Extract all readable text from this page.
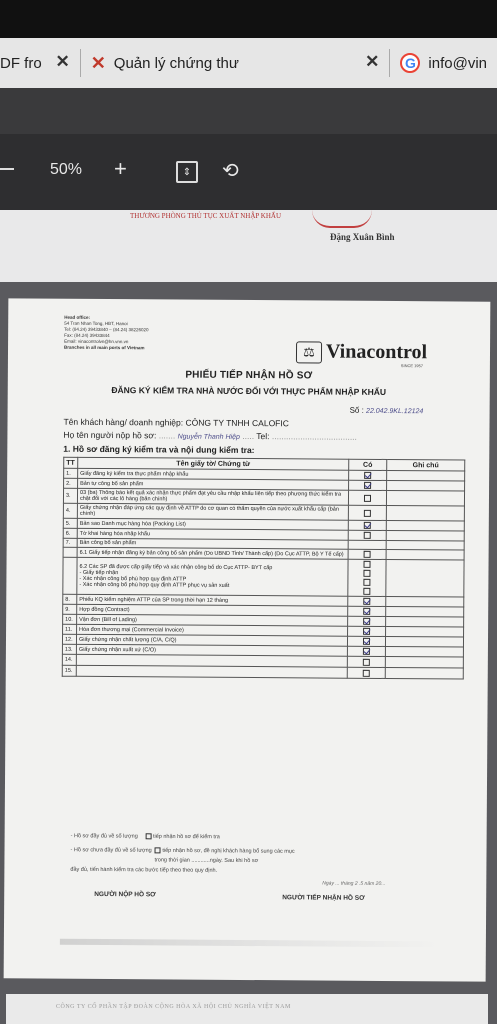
DF fro ✕ ✕ Quản lý chứng thư	✕	G info@vin
50% +	⇕	⟲
THƯƠNG PHÒNG THỦ TỤC XUẤT NHẬP KHẨU
Đặng Xuân Bình
Head office:
54 Tran Nhan Tong, HBT, Hanoi
Tel: (84.24) 39433840 – (84.24) 38226020
Fax: (84.24) 39433844
Email: vinacontrolvn@hn.vnn.vn
Branches in all main ports of Vietnam	⚖ Vinacontrol
SINCE 1957
PHIẾU TIẾP NHẬN HỒ SƠ
ĐĂNG KÝ KIỂM TRA NHÀ NƯỚC ĐỐI VỚI THỰC PHẨM NHẬP KHẨU
Số : 22.042.9KL.12124
Tên khách hàng/ doanh nghiệp: CÔNG TY TNHH CALOFIC
Họ tên người nộp hồ sơ: ....... Nguyễn Thanh Hiệp ..... Tel: ....................................
1. Hồ sơ đăng ký kiểm tra và nội dung kiểm tra:
TT	Tên giấy tờ/ Chứng từ	Có	Ghi chú
1.	Giấy đăng ký kiểm tra thực phẩm nhập khẩu		
2.	Bản tự công bố sản phẩm		
3.	03 (ba) Thông báo kết quả xác nhận thực phẩm đạt yêu cầu nhập khẩu liên tiếp theo phương thức kiểm tra chặt đối với các lô hàng (bản chính)		
4.	Giấy chứng nhận đáp ứng các quy định về ATTP do cơ quan có thẩm quyền của nước xuất khẩu cấp (bản chính)		
5.	Bản sao Danh mục hàng hóa (Packing List)		
6.	Tờ khai hàng hóa nhập khẩu		
7.	Bản công bố sản phẩm		
	6.1 Giấy tiếp nhận đăng ký bản công bố sản phẩm (Do UBND Tỉnh/ Thành cấp) (Do Cục ATTP, Bộ Y Tế cấp)		

	6.2 Các SP đã được cấp giấy tiếp và xác nhận công bố do Cục ATTP- BYT cấp
- Giấy tiếp nhận
- Xác nhận công bố phù hợp quy định ATTP
- Xác nhận công bố phù hợp quy định ATTP phục vụ sản xuất		

8.	Phiếu KQ kiểm nghiệm ATTP của SP trong thời hạn 12 tháng		
9.	Hợp đồng (Contract)		
10.	Vận đơn (Bill of Lading)		
11.	Hóa đơn thương mại (Commercial Invoice)		
12.	Giấy chứng nhận chất lượng (C/A, C/Q)		
13.	Giấy chứng nhận xuất xứ (C/O)		
14.			
15.			
- Hồ sơ đầy đủ về số lượng	tiếp nhận hồ sơ để kiểm tra
- Hồ sơ chưa đầy đủ về số lượng tiếp nhận hồ sơ, đề nghị khách hàng bổ sung các mục
trong thời gian ............ngày. Sau khi hồ sơ
đầy đủ, tiến hành kiểm tra các bước tiếp theo theo quy định.
Ngày ... tháng 2 .5 năm 20...
NGƯỜI NỘP HỒ SƠ	NGƯỜI TIẾP NHẬN HỒ SƠ
CÔNG TY CỔ PHẦN TẬP ĐOÀN CỘNG HÒA XÃ HỘI CHỦ NGHĨA VIỆT NAM
